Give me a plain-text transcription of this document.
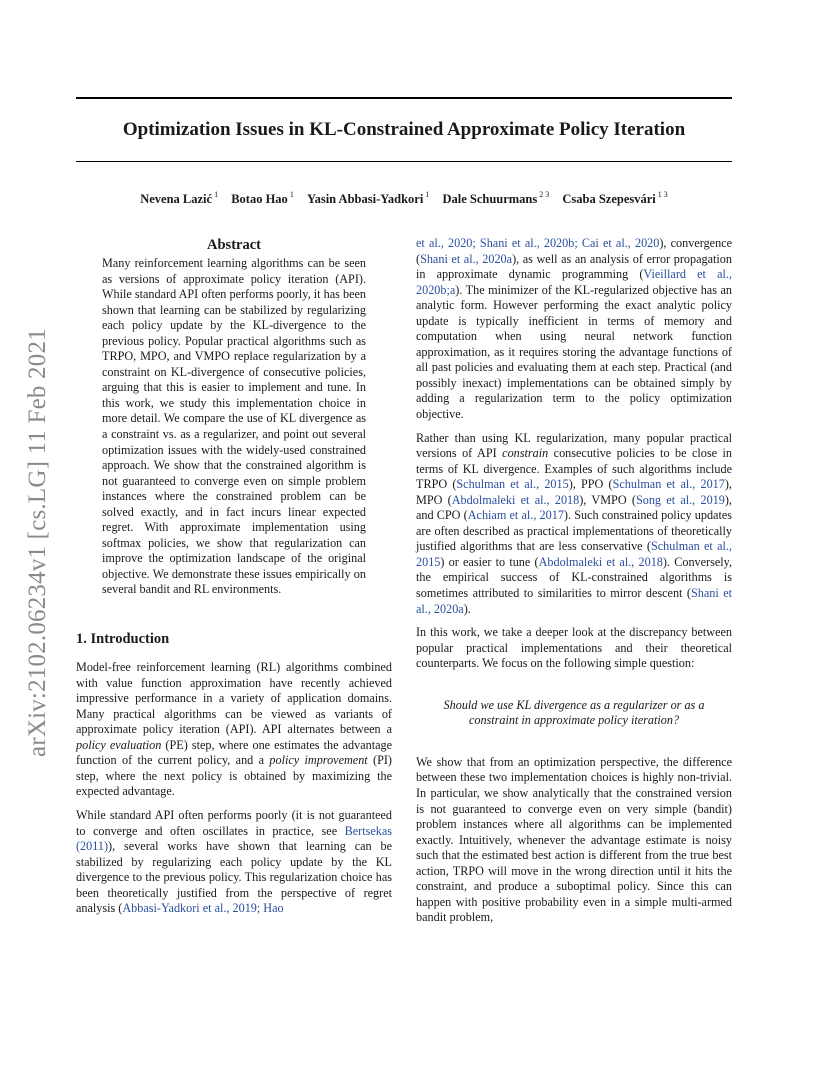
arXiv:2102.06234v1 [cs.LG] 11 Feb 2021
Optimization Issues in KL-Constrained Approximate Policy Iteration
Nevena Lazić $^1$ Botao Hao $^1$ Yasin Abbasi-Yadkori $^1$ Dale Schuurmans $^{2 3}$ Csaba Szepesvári $^{1 3}$
Abstract
Many reinforcement learning algorithms can be seen as versions of approximate policy iteration (API). While standard API often performs poorly, it has been shown that learning can be stabilized by regularizing each policy update by the KL-divergence to the previous policy. Popular practical algorithms such as TRPO, MPO, and VMPO replace regularization by a constraint on KL-divergence of consecutive policies, arguing that this is easier to implement and tune. In this work, we study this implementation choice in more detail. We compare the use of KL divergence as a constraint vs. as a regularizer, and point out several optimization issues with the widely-used constrained approach. We show that the constrained algorithm is not guaranteed to converge even on simple problem instances where the constrained problem can be solved exactly, and in fact incurs linear expected regret. With approximate implementation using softmax policies, we show that regularization can improve the optimization landscape of the original objective. We demonstrate these issues empirically on several bandit and RL environments.
1. Introduction

Model-free reinforcement learning (RL) algorithms combined with value function approximation have recently achieved impressive performance in a variety of application domains. Many practical algorithms can be viewed as variants of approximate policy iteration (API). API alternates between a policy evaluation (PE) step, where one estimates the advantage function of the current policy, and a policy improvement (PI) step, where the next policy is obtained by maximizing the expected advantage.

While standard API often performs poorly (it is not guaranteed to converge and often oscillates in practice, see Bertsekas (2011)), several works have shown that learning can be stabilized by regularizing each policy update by the KL divergence to the previous policy. This regularization choice has been theoretically justified from the perspective of regret analysis (Abbasi-Yadkori et al., 2019; Hao

et al., 2020; Shani et al., 2020b; Cai et al., 2020), convergence (Shani et al., 2020a), as well as an analysis of error propagation in approximate dynamic programming (Vieillard et al., 2020b;a). The minimizer of the KL-regularized objective has an analytic form. However performing the exact analytic policy update is typically inefficient in terms of memory and computation when using neural network function approximation, as it requires storing the advantage functions of all past policies and evaluating them at each step. Practical (and possibly inexact) implementations can be obtained simply by adding a regularization term to the policy optimization objective.

Rather than using KL regularization, many popular practical versions of API constrain consecutive policies to be close in terms of KL divergence. Examples of such algorithms include TRPO (Schulman et al., 2015), PPO (Schulman et al., 2017), MPO (Abdolmaleki et al., 2018), VMPO (Song et al., 2019), and CPO (Achiam et al., 2017). Such constrained policy updates are often described as practical implementations of theoretically justified algorithms that are less conservative (Schulman et al., 2015) or easier to tune (Abdolmaleki et al., 2018). Conversely, the empirical success of KL-constrained algorithms is sometimes attributed to similarities to mirror descent (Shani et al., 2020a).

In this work, we take a deeper look at the discrepancy between popular practical implementations and their theoretical counterparts. We focus on the following simple question:

Should we use KL divergence as a regularizer or as a constraint in approximate policy iteration?

We show that from an optimization perspective, the difference between these two implementation choices is highly non-trivial. In particular, we show analytically that the constrained version is not guaranteed to converge even on very simple (bandit) problem instances where all algorithms can be implemented exactly. Intuitively, whenever the advantage estimate is noisy such that the estimated best action is different from the true best action, TRPO will move in the wrong direction until it hits the constraint, and produce a suboptimal policy. Since this can happen with positive probability even in a simple multi-armed bandit problem,
